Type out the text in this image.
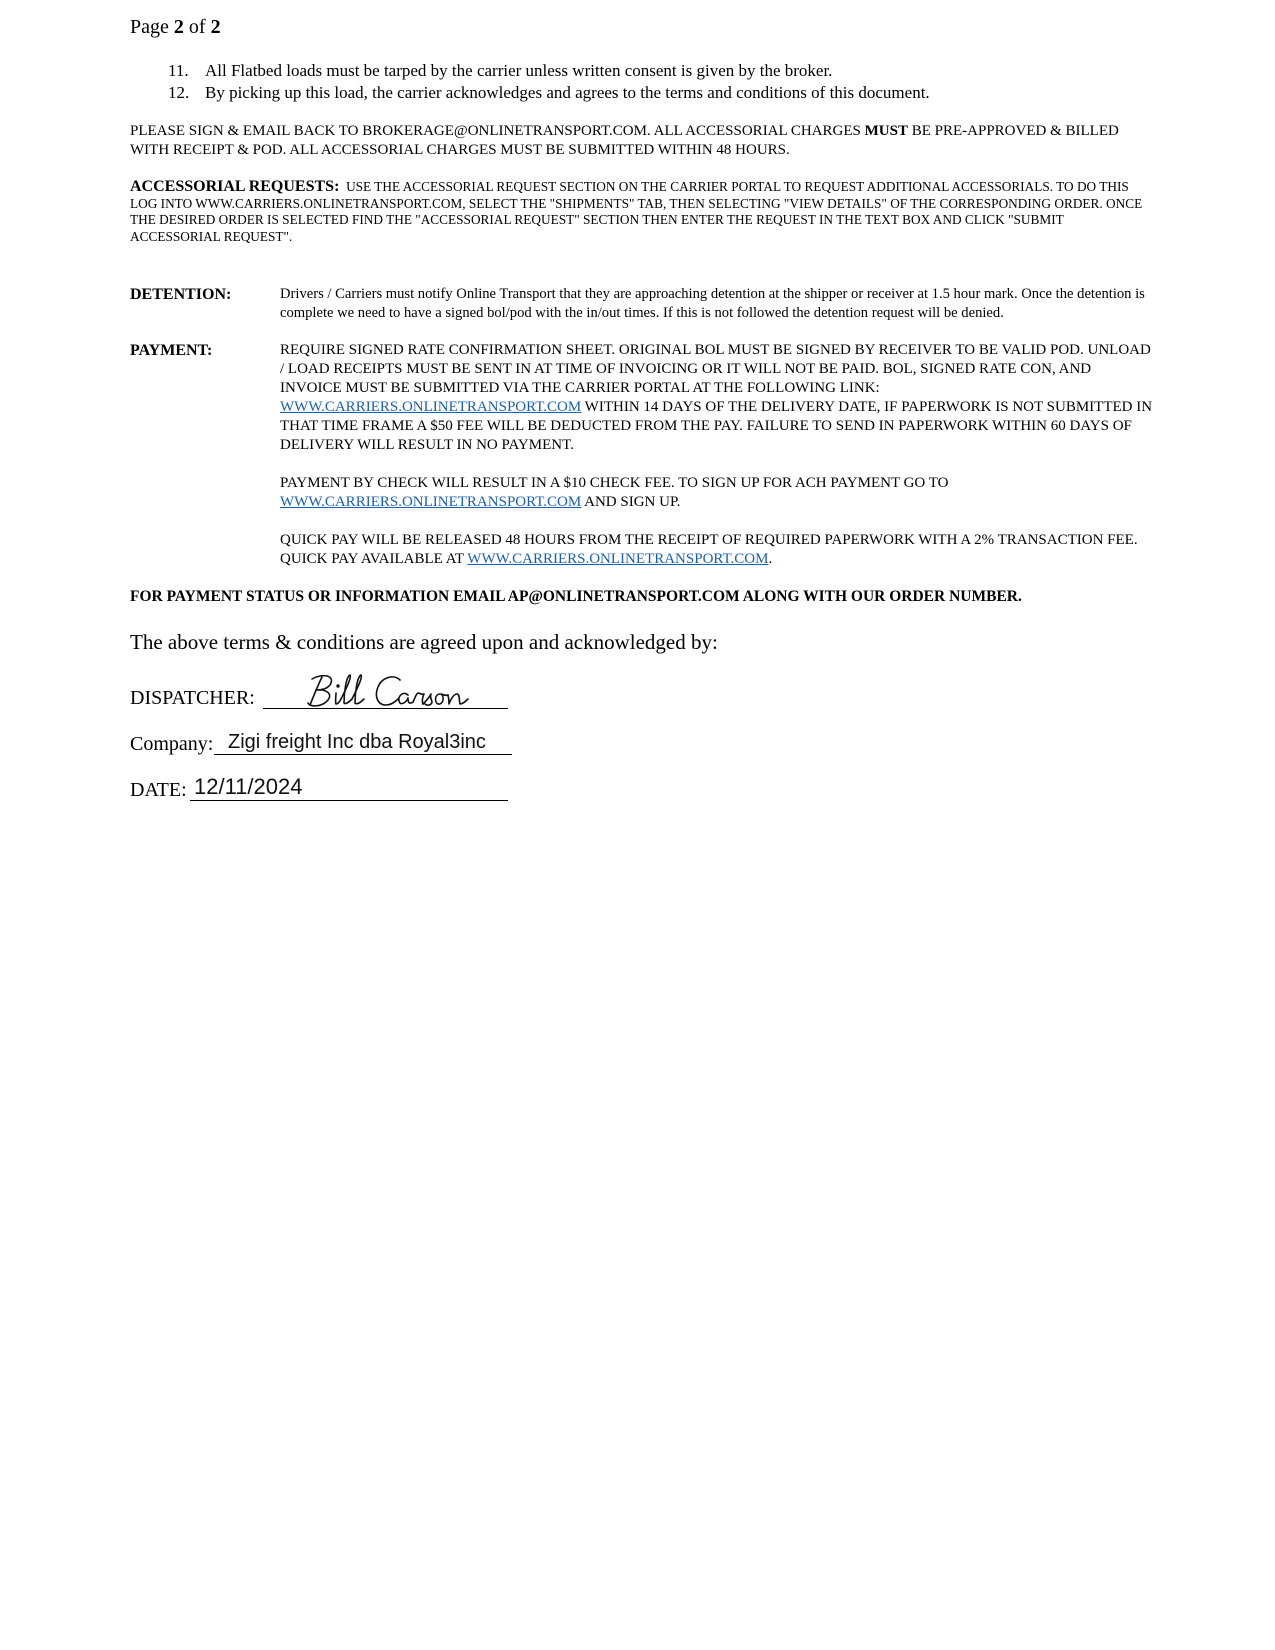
Page 2 of 2
11. All Flatbed loads must be tarped by the carrier unless written consent is given by the broker.
12. By picking up this load, the carrier acknowledges and agrees to the terms and conditions of this document.

PLEASE SIGN & EMAIL BACK TO BROKERAGE@ONLINETRANSPORT.COM. ALL ACCESSORIAL CHARGES MUST BE PRE-APPROVED & BILLED WITH RECEIPT & POD. ALL ACCESSORIAL CHARGES MUST BE SUBMITTED WITHIN 48 HOURS.

ACCESSORIAL REQUESTS: USE THE ACCESSORIAL REQUEST SECTION ON THE CARRIER PORTAL TO REQUEST ADDITIONAL ACCESSORIALS. TO DO THIS LOG INTO WWW.CARRIERS.ONLINETRANSPORT.COM, SELECT THE "SHIPMENTS" TAB, THEN SELECTING "VIEW DETAILS" OF THE CORRESPONDING ORDER. ONCE THE DESIRED ORDER IS SELECTED FIND THE "ACCESSORIAL REQUEST" SECTION THEN ENTER THE REQUEST IN THE TEXT BOX AND CLICK "SUBMIT ACCESSORIAL REQUEST".

DETENTION:	Drivers / Carriers must notify Online Transport that they are approaching detention at the shipper or receiver at 1.5 hour mark. Once the detention is complete we need to have a signed bol/pod with the in/out times. If this is not followed the detention request will be denied.

PAYMENT:	REQUIRE SIGNED RATE CONFIRMATION SHEET. ORIGINAL BOL MUST BE SIGNED BY RECEIVER TO BE VALID POD. UNLOAD / LOAD RECEIPTS MUST BE SENT IN AT TIME OF INVOICING OR IT WILL NOT BE PAID. BOL, SIGNED RATE CON, AND INVOICE MUST BE SUBMITTED VIA THE CARRIER PORTAL AT THE FOLLOWING LINK: WWW.CARRIERS.ONLINETRANSPORT.COM WITHIN 14 DAYS OF THE DELIVERY DATE, IF PAPERWORK IS NOT SUBMITTED IN THAT TIME FRAME A $50 FEE WILL BE DEDUCTED FROM THE PAY. FAILURE TO SEND IN PAPERWORK WITHIN 60 DAYS OF DELIVERY WILL RESULT IN NO PAYMENT.

PAYMENT BY CHECK WILL RESULT IN A $10 CHECK FEE. TO SIGN UP FOR ACH PAYMENT GO TO WWW.CARRIERS.ONLINETRANSPORT.COM AND SIGN UP.

QUICK PAY WILL BE RELEASED 48 HOURS FROM THE RECEIPT OF REQUIRED PAPERWORK WITH A 2% TRANSACTION FEE. QUICK PAY AVAILABLE AT WWW.CARRIERS.ONLINETRANSPORT.COM.

FOR PAYMENT STATUS OR INFORMATION EMAIL AP@ONLINETRANSPORT.COM ALONG WITH OUR ORDER NUMBER.

The above terms & conditions are agreed upon and acknowledged by:

DISPATCHER:
Company: Zigi freight Inc dba Royal3inc
DATE: 12/11/2024
